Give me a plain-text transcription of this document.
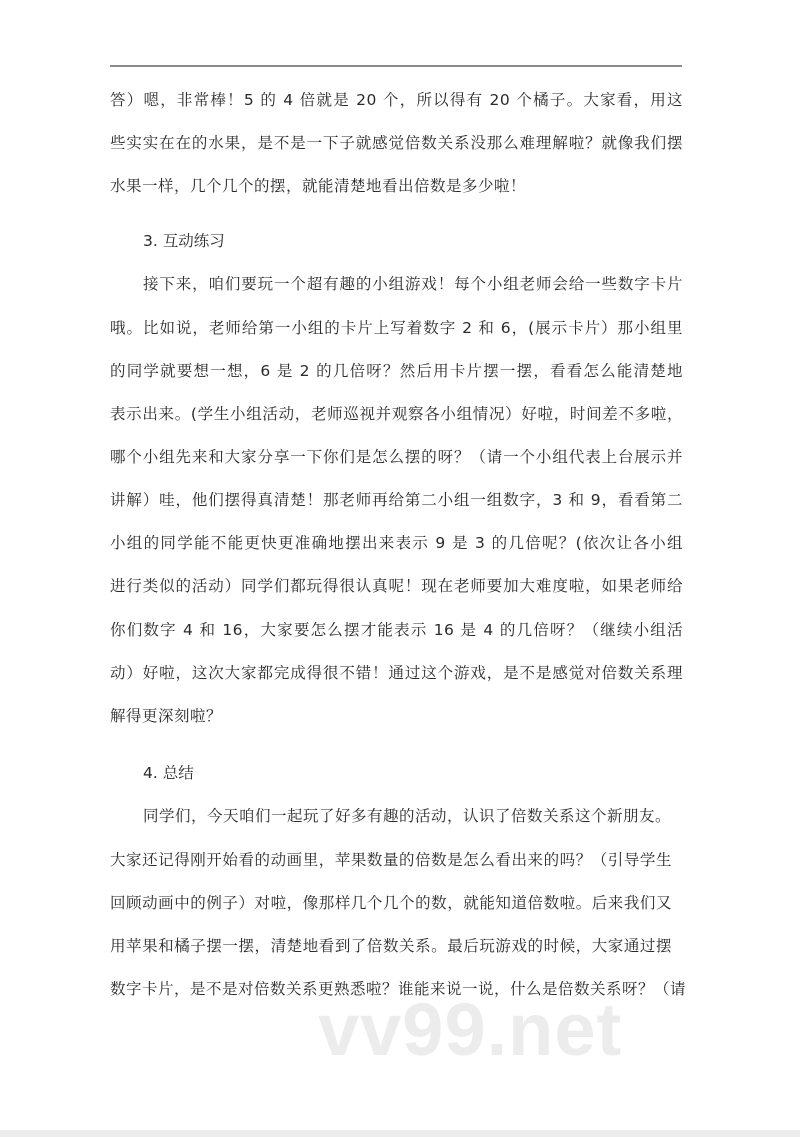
答）嗯，非常棒！5 的 4 倍就是 20 个，所以得有 20 个橘子。大家看，用这
些实实在在的水果，是不是一下子就感觉倍数关系没那么难理解啦？就像我们摆
水果一样，几个几个的摆，就能清楚地看出倍数是多少啦！
3. 互动练习
接下来，咱们要玩一个超有趣的小组游戏！每个小组老师会给一些数字卡片
哦。比如说，老师给第一小组的卡片上写着数字 2 和 6，(展示卡片）那小组里
的同学就要想一想，6 是 2 的几倍呀？然后用卡片摆一摆，看看怎么能清楚地
表示出来。(学生小组活动，老师巡视并观察各小组情况）好啦，时间差不多啦，
哪个小组先来和大家分享一下你们是怎么摆的呀？（请一个小组代表上台展示并
讲解）哇，他们摆得真清楚！那老师再给第二小组一组数字，3 和 9，看看第二
小组的同学能不能更快更准确地摆出来表示 9 是 3 的几倍呢？(依次让各小组
进行类似的活动）同学们都玩得很认真呢！现在老师要加大难度啦，如果老师给
你们数字 4 和 16，大家要怎么摆才能表示 16 是 4 的几倍呀？（继续小组活
动）好啦，这次大家都完成得很不错！通过这个游戏，是不是感觉对倍数关系理
解得更深刻啦？
4. 总结
同学们，今天咱们一起玩了好多有趣的活动，认识了倍数关系这个新朋友。
大家还记得刚开始看的动画里，苹果数量的倍数是怎么看出来的吗？（引导学生
回顾动画中的例子）对啦，像那样几个几个的数，就能知道倍数啦。后来我们又
用苹果和橘子摆一摆，清楚地看到了倍数关系。最后玩游戏的时候，大家通过摆
数字卡片，是不是对倍数关系更熟悉啦？谁能来说一说，什么是倍数关系呀？（请
vv99.net
